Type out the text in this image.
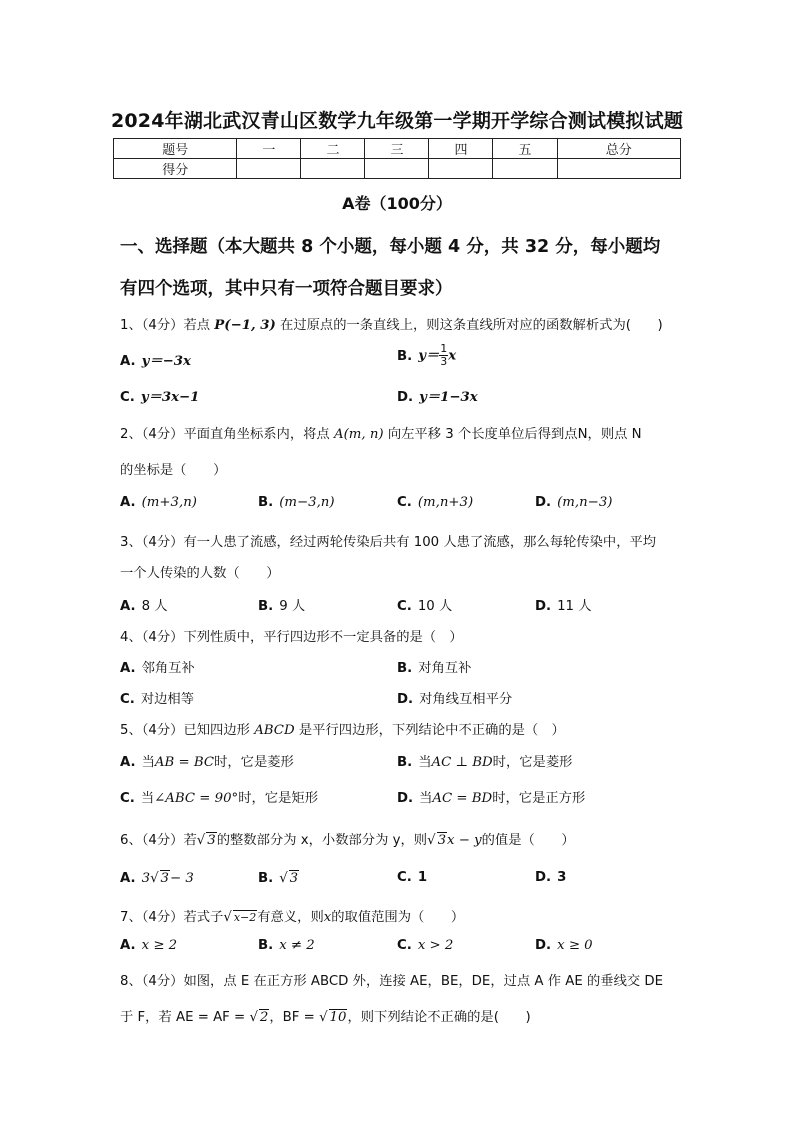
2024年湖北武汉青山区数学九年级第一学期开学综合测试模拟试题
题号	一	二	三	四	五	总分
得分						
A卷（100分）
一、选择题（本大题共 8 个小题，每小题 4 分，共 32 分，每小题均
有四个选项，其中只有一项符合题目要求）
1、（4分）若点 P(−1, 3) 在过原点的一条直线上，则这条直线所对应的函数解析式为(　　)
A. y＝−3x	B. $y= \frac{1}{3}$ x
C. y＝3x−1	D. y＝1−3x
2、（4分）平面直角坐标系内，将点 A(m, n) 向左平移 3 个长度单位后得到点N，则点 N
的坐标是（　　）
A. (m+3,n)	B. (m−3,n)	C. (m,n+3)	D. (m,n−3)
3、（4分）有一人患了流感，经过两轮传染后共有 100 人患了流感，那么每轮传染中，平均
一个人传染的人数（　　）
A. 8 人	B. 9 人	C. 10 人	D. 11 人
4、（4分）下列性质中，平行四边形不一定具备的是（　）
A. 邻角互补	B. 对角互补
C. 对边相等	D. 对角线互相平分
5、（4分）已知四边形 ABCD 是平行四边形，下列结论中不正确的是（　）
A. 当AB = BC时，它是菱形	B. 当AC ⊥ BD时，它是菱形
C. 当∠ABC = 90°时，它是矩形	D. 当AC = BD时，它是正方形
6、（4分）若√ 3的整数部分为 x，小数部分为 y，则√ 3x − y的值是（　　）
A. 3√ 3− 3	B. √ 3	C. 1	D. 3
7、（4分）若式子√ x−2有意义，则x的取值范围为（　　）
A. x ≥ 2	B. x ≠ 2	C. x > 2	D. x ≥ 0
8、（4分）如图，点 E 在正方形 ABCD 外，连接 AE，BE，DE，过点 A 作 AE 的垂线交 DE
于 F，若 AE = AF = √ 2，BF = √ 10，则下列结论不正确的是(　　)
